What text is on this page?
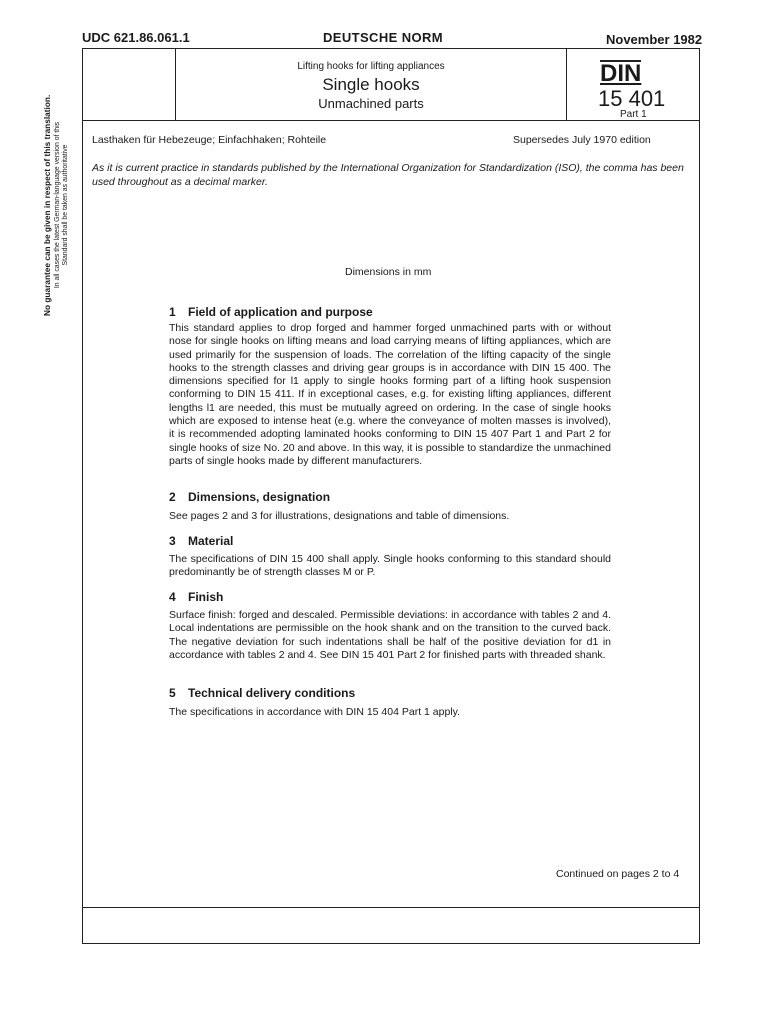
UDC 621.86.061.1	DEUTSCHE NORM	November 1982
No guarantee can be given in respect of this translation. In all cases the latest German-language version of this
Standard shall be taken as authoritative
Lifting hooks for lifting appliances
Single hooks
Unmachined parts
DIN
15 401
Part 1
Lasthaken für Hebezeuge; Einfachhaken; Rohteile	Supersedes July 1970 edition
As it is current practice in standards published by the International Organization for Standardization (ISO), the comma has been used throughout as a decimal marker.
Dimensions in mm
1 Field of application and purpose
This standard applies to drop forged and hammer forged unmachined parts with or without nose for single hooks on lifting means and load carrying means of lifting appliances, which are used primarily for the suspension of loads. The correlation of the lifting capacity of the single hooks to the strength classes and driving gear groups is in accordance with DIN 15 400. The dimensions specified for l1 apply to single hooks forming part of a lifting hook suspension conforming to DIN 15 411. If in exceptional cases, e.g. for existing lifting appliances, different lengths l1 are needed, this must be mutually agreed on ordering. In the case of single hooks which are exposed to intense heat (e.g. where the conveyance of molten masses is involved), it is recommended adopting laminated hooks conforming to DIN 15 407 Part 1 and Part 2 for single hooks of size No. 20 and above. In this way, it is possible to standardize the unmachined parts of single hooks made by different manufacturers.
2 Dimensions, designation
See pages 2 and 3 for illustrations, designations and table of dimensions.
3 Material
The specifications of DIN 15 400 shall apply. Single hooks conforming to this standard should predominantly be of strength classes M or P.
4 Finish
Surface finish: forged and descaled. Permissible deviations: in accordance with tables 2 and 4. Local indentations are permissible on the hook shank and on the transition to the curved back. The negative deviation for such indentations shall be half of the positive deviation for d1 in accordance with tables 2 and 4. See DIN 15 401 Part 2 for finished parts with threaded shank.
5 Technical delivery conditions
The specifications in accordance with DIN 15 404 Part 1 apply.
Continued on pages 2 to 4
